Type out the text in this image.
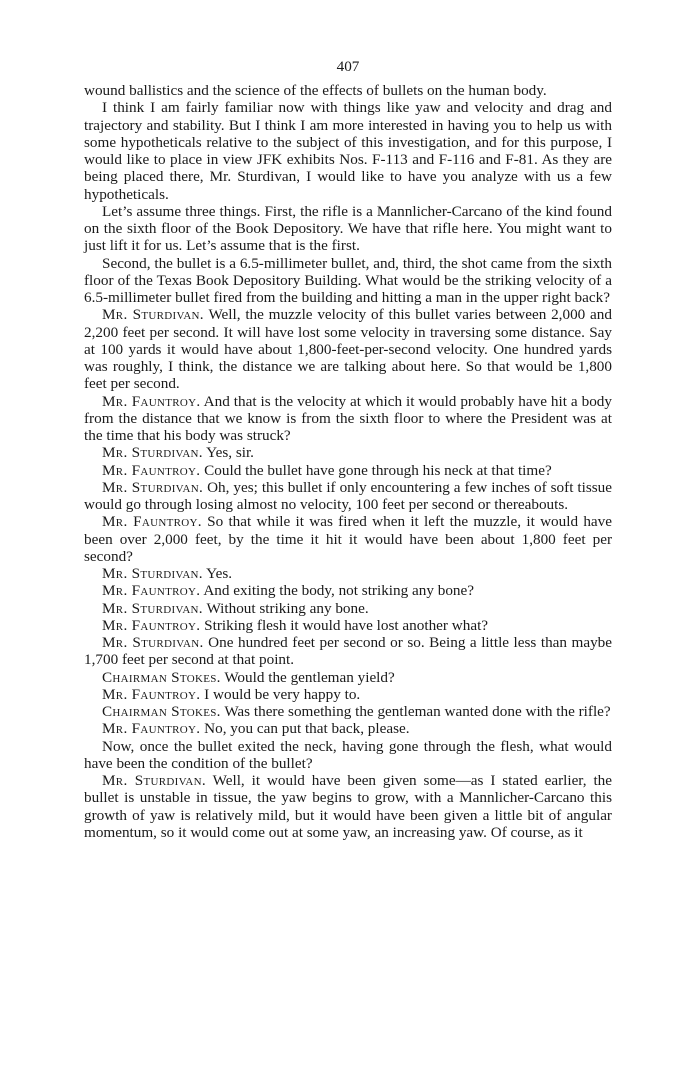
407

wound ballistics and the science of the effects of bullets on the human body.

I think I am fairly familiar now with things like yaw and velocity and drag and trajectory and stability. But I think I am more interested in having you to help us with some hypotheticals relative to the subject of this investigation, and for this purpose, I would like to place in view JFK exhibits Nos. F-113 and F-116 and F-81. As they are being placed there, Mr. Sturdivan, I would like to have you analyze with us a few hypotheticals.

Let’s assume three things. First, the rifle is a Mannlicher-Carcano of the kind found on the sixth floor of the Book Depository. We have that rifle here. You might want to just lift it for us. Let’s assume that is the first.

Second, the bullet is a 6.5-millimeter bullet, and, third, the shot came from the sixth floor of the Texas Book Depository Building. What would be the striking velocity of a 6.5-millimeter bullet fired from the building and hitting a man in the upper right back?

Mr. Sturdivan. Well, the muzzle velocity of this bullet varies between 2,000 and 2,200 feet per second. It will have lost some velocity in traversing some distance. Say at 100 yards it would have about 1,800-feet-per-second velocity. One hundred yards was roughly, I think, the distance we are talking about here. So that would be 1,800 feet per second.

Mr. Fauntroy. And that is the velocity at which it would probably have hit a body from the distance that we know is from the sixth floor to where the President was at the time that his body was struck?

Mr. Sturdivan. Yes, sir.

Mr. Fauntroy. Could the bullet have gone through his neck at that time?

Mr. Sturdivan. Oh, yes; this bullet if only encountering a few inches of soft tissue would go through losing almost no velocity, 100 feet per second or thereabouts.

Mr. Fauntroy. So that while it was fired when it left the muzzle, it would have been over 2,000 feet, by the time it hit it would have been about 1,800 feet per second?

Mr. Sturdivan. Yes.

Mr. Fauntroy. And exiting the body, not striking any bone?

Mr. Sturdivan. Without striking any bone.

Mr. Fauntroy. Striking flesh it would have lost another what?

Mr. Sturdivan. One hundred feet per second or so. Being a little less than maybe 1,700 feet per second at that point.

Chairman Stokes. Would the gentleman yield?

Mr. Fauntroy. I would be very happy to.

Chairman Stokes. Was there something the gentleman wanted done with the rifle?

Mr. Fauntroy. No, you can put that back, please.

Now, once the bullet exited the neck, having gone through the flesh, what would have been the condition of the bullet?

Mr. Sturdivan. Well, it would have been given some—as I stated earlier, the bullet is unstable in tissue, the yaw begins to grow, with a Mannlicher-Carcano this growth of yaw is relatively mild, but it would have been given a little bit of angular momentum, so it would come out at some yaw, an increasing yaw. Of course, as it
